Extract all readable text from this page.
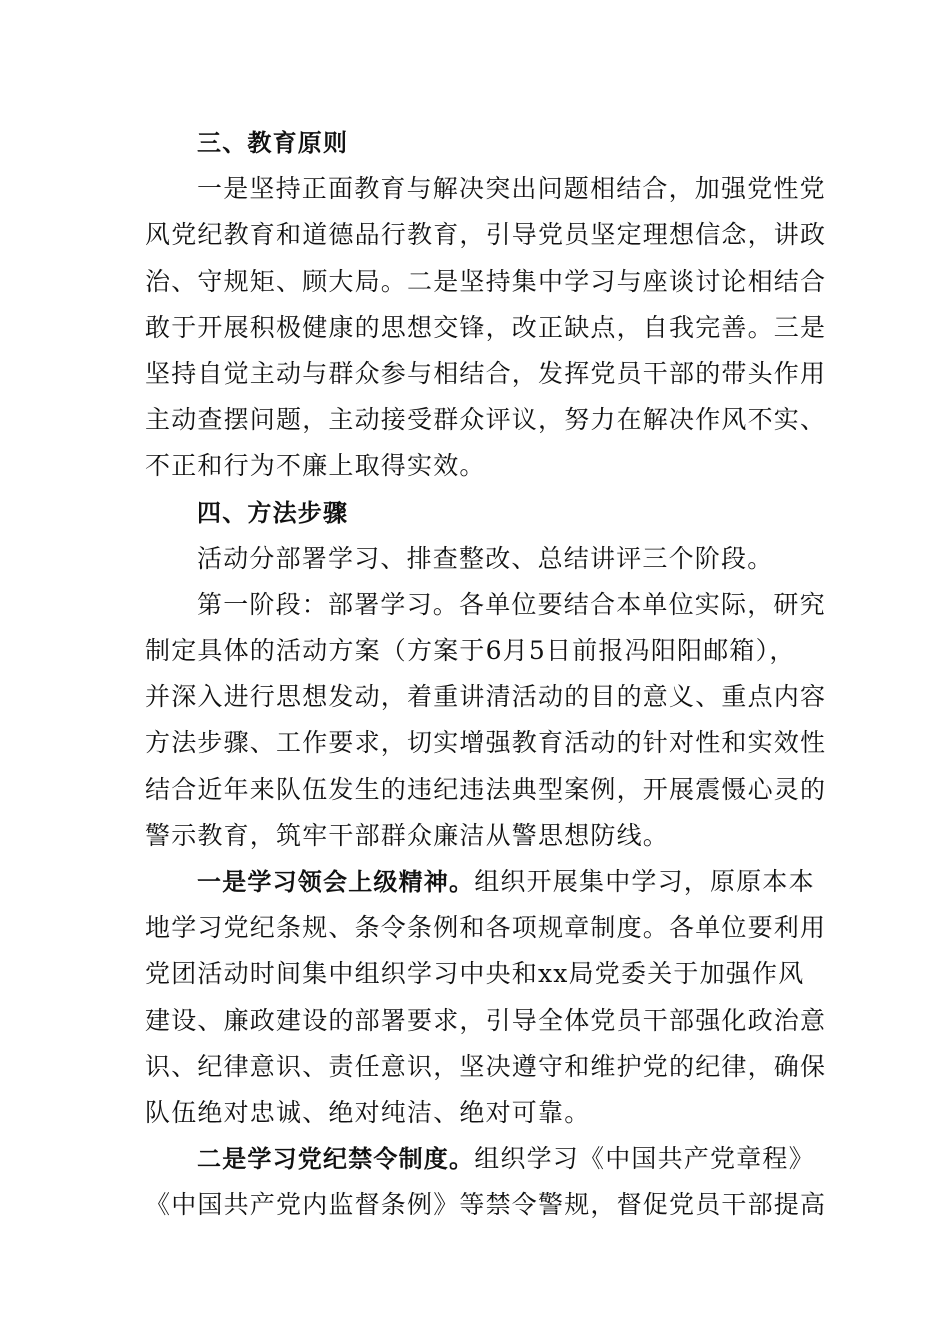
三、教育原则
一是坚持正面教育与解决突出问题相结合，加强党性党
风党纪教育和道德品行教育，引导党员坚定理想信念，讲政
治、守规矩、顾大局。二是坚持集中学习与座谈讨论相结合
敢于开展积极健康的思想交锋，改正缺点，自我完善。三是
坚持自觉主动与群众参与相结合，发挥党员干部的带头作用
主动查摆问题，主动接受群众评议，努力在解决作风不实、
不正和行为不廉上取得实效。
四、方法步骤
活动分部署学习、排查整改、总结讲评三个阶段。
第一阶段：部署学习。各单位要结合本单位实际，研究
制定具体的活动方案（方案于6月5日前报冯阳阳邮箱），
并深入进行思想发动，着重讲清活动的目的意义、重点内容
方法步骤、工作要求，切实增强教育活动的针对性和实效性
结合近年来队伍发生的违纪违法典型案例，开展震慑心灵的
警示教育，筑牢干部群众廉洁从警思想防线。
一是学习领会上级精神。组织开展集中学习，原原本本
地学习党纪条规、条令条例和各项规章制度。各单位要利用
党团活动时间集中组织学习中央和xx局党委关于加强作风
建设、廉政建设的部署要求，引导全体党员干部强化政治意
识、纪律意识、责任意识，坚决遵守和维护党的纪律，确保
队伍绝对忠诚、绝对纯洁、绝对可靠。
二是学习党纪禁令制度。组织学习《中国共产党章程》
《中国共产党内监督条例》等禁令警规，督促党员干部提高
